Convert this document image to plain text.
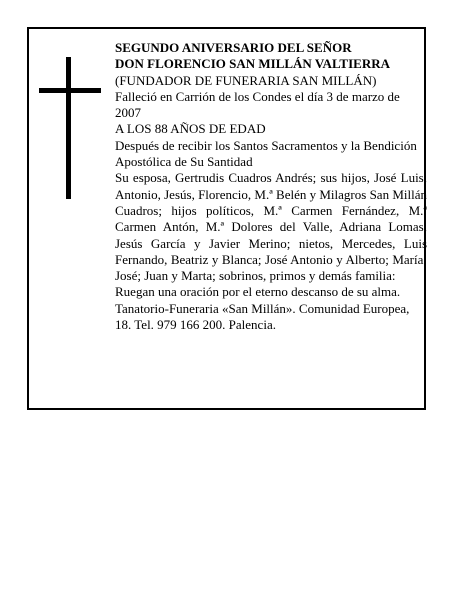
SEGUNDO ANIVERSARIO DEL SEÑOR

DON FLORENCIO SAN MILLÁN VALTIERRA

(FUNDADOR DE FUNERARIA SAN MILLÁN)

Falleció en Carrión de los Condes el día 3 de marzo de 2007

A LOS 88 AÑOS DE EDAD

Después de recibir los Santos Sacramentos y la Bendición Apostólica de Su Santidad

Su esposa, Gertrudis Cuadros Andrés; sus hijos, José Luis, Antonio, Jesús, Florencio, M.ª Belén y Milagros San Millán Cuadros; hijos políticos, M.ª Carmen Fernández, M.ª Carmen Antón, M.ª Dolores del Valle, Adriana Lomas, Jesús García y Javier Merino; nietos, Mercedes, Luis Fernando, Beatriz y Blanca; José Antonio y Alberto; María; José; Juan y Marta; sobrinos, primos y demás familia:

Ruegan una oración por el eterno descanso de su alma.

Tanatorio-Funeraria «San Millán». Comunidad Europea, 18. Tel. 979 166 200. Palencia.
